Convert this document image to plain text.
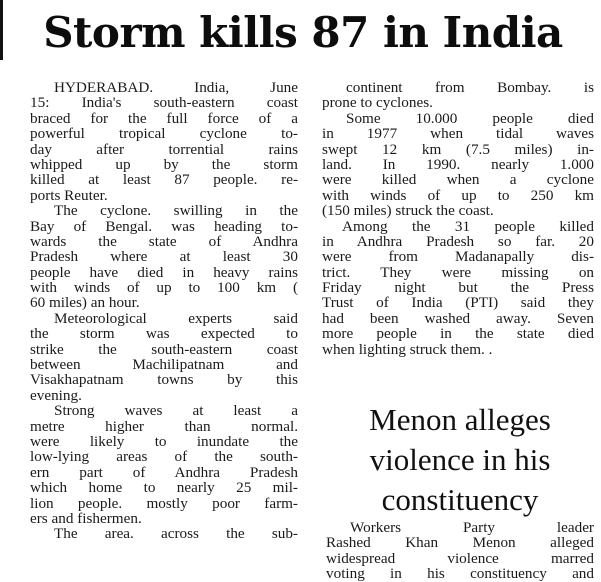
Storm kills 87 in India
HYDERABAD. India, June
15: India's south-eastern coast
braced for the full force of a
powerful tropical cyclone to-
day after torrential rains
whipped up by the storm
killed at least 87 people. re-
ports Reuter.
The cyclone. swilling in the
Bay of Bengal. was heading to-
wards the state of Andhra
Pradesh where at least 30
people have died in heavy rains
with winds of up to 100 km (
60 miles) an hour.
Meteorological experts said
the storm was expected to
strike the south-eastern coast
between Machilipatnam and
Visakhapatnam towns by this
evening.
Strong waves at least a
metre higher than normal.
were likely to inundate the
low-lying areas of the south-
ern part of Andhra Pradesh
which home to nearly 25 mil-
lion people. mostly poor farm-
ers and fishermen.
The area. across the sub-
continent from Bombay. is
prone to cyclones.
Some 10.000 people died
in 1977 when tidal waves
swept 12 km (7.5 miles) in-
land. In 1990. nearly 1.000
were killed when a cyclone
with winds of up to 250 km
(150 miles) struck the coast.
Among the 31 people killed
in Andhra Pradesh so far. 20
were from Madanapally dis-
trict. They were missing on
Friday night but the Press
Trust of India (PTI) said they
had been washed away. Seven
more people in the state died
when lighting struck them. .
Menon alleges
violence in his
constituency
Workers Party leader
Rashed Khan Menon alleged
widespread violence marred
voting in his constituency and
